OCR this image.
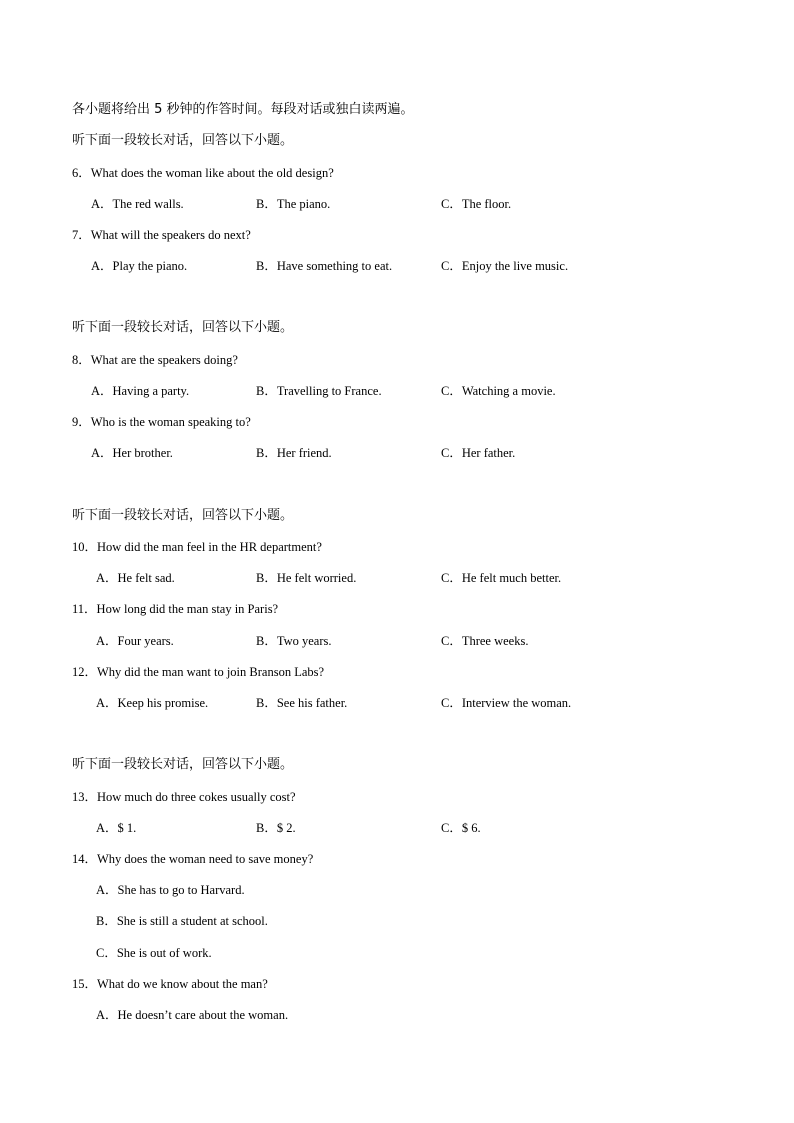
各小题将给出 5 秒钟的作答时间。每段对话或独白读两遍。
听下面一段较长对话，回答以下小题。
6．What does the woman like about the old design?
A．The red walls.	B．The piano.	C．The floor.
7．What will the speakers do next?
A．Play the piano.	B．Have something to eat.	C．Enjoy the live music.
听下面一段较长对话，回答以下小题。
8．What are the speakers doing?
A．Having a party.	B．Travelling to France.	C．Watching a movie.
9．Who is the woman speaking to?
A．Her brother.	B．Her friend.	C．Her father.
听下面一段较长对话，回答以下小题。
10．How did the man feel in the HR department?
A．He felt sad.	B．He felt worried.	C．He felt much better.
11．How long did the man stay in Paris?
A．Four years.	B．Two years.	C．Three weeks.
12．Why did the man want to join Branson Labs?
A．Keep his promise.	B．See his father.	C．Interview the woman.
听下面一段较长对话，回答以下小题。
13．How much do three cokes usually cost?
A．$ 1.	B．$ 2.	C．$ 6.
14．Why does the woman need to save money?
A．She has to go to Harvard.
B．She is still a student at school.
C．She is out of work.
15．What do we know about the man?
A．He doesn’t care about the woman.
